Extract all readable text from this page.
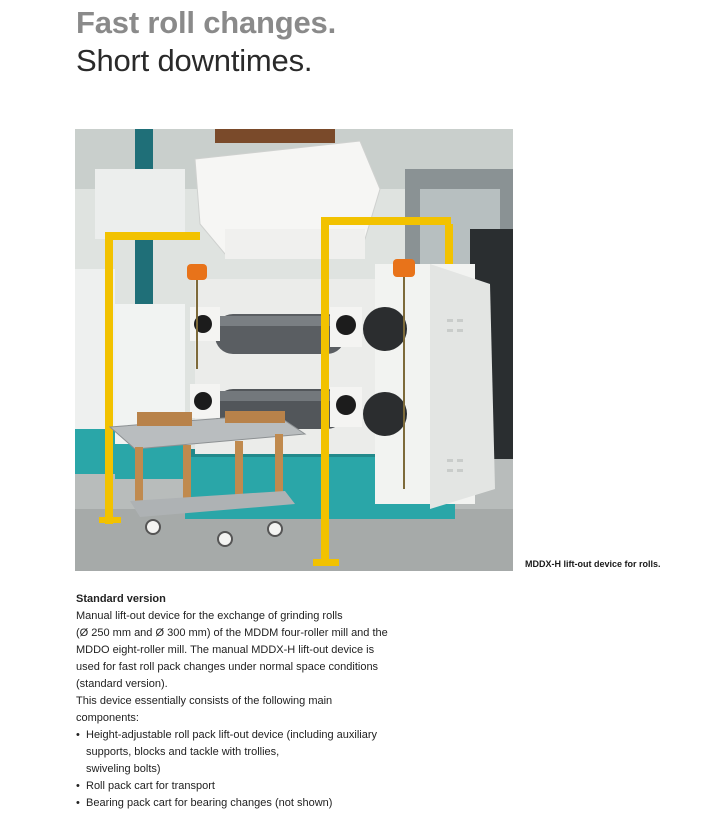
Fast roll changes.
Short downtimes.
MDDX-H lift-out device for rolls.

Standard version

Manual lift-out device for the exchange of grinding rolls
(Ø 250 mm and Ø 300 mm) of the MDDM four-roller mill and the
MDDO eight-roller mill. The manual MDDX-H lift-out device is
used for fast roll pack changes under normal space conditions
(standard version).

This device essentially consists of the following main
components:

• Height-adjustable roll pack lift-out device (including auxiliary
supports, blocks and tackle with trollies,
swiveling bolts)
• Roll pack cart for transport
• Bearing pack cart for bearing changes (not shown)
